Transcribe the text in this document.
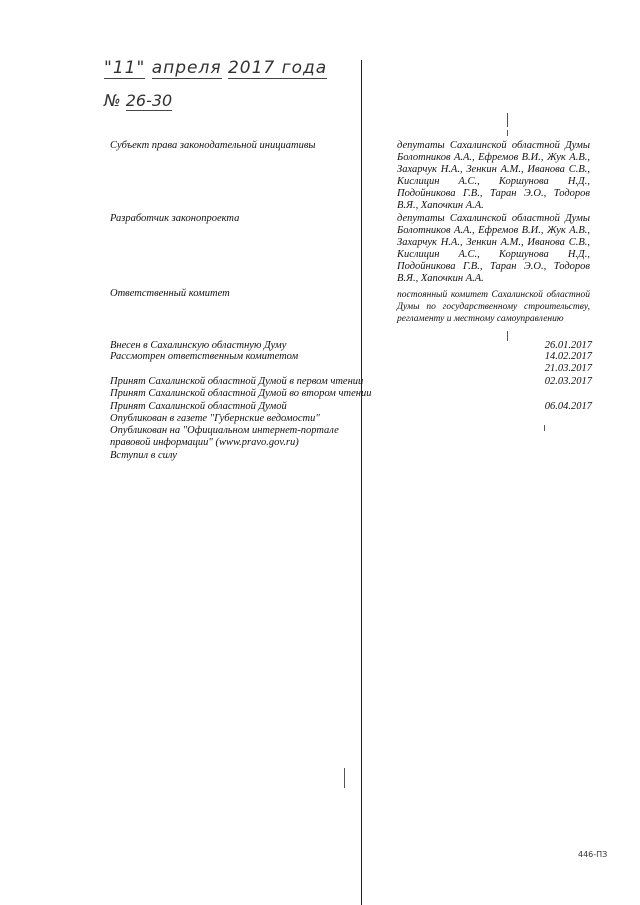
"11" апреля 2017 года
№ 26-30
Субъект права законодательной инициативы	депутаты Сахалинской областной Думы Болотников А.А., Ефремов В.И., Жук А.В., Захарчук Н.А., Зенкин А.М., Иванова С.В., Кислицин А.С., Коршунова Н.Д., Подойникова Г.В., Таран Э.О., Тодоров В.Я., Хапочкин А.А.
Разработчик законопроекта	депутаты Сахалинской областной Думы Болотников А.А., Ефремов В.И., Жук А.В., Захарчук Н.А., Зенкин А.М., Иванова С.В., Кислицин А.С., Коршунова Н.Д., Подойникова Г.В., Таран Э.О., Тодоров В.Я., Хапочкин А.А.
Ответственный комитет	постоянный комитет Сахалинской областной Думы по государственному строительству, регламенту и местному самоуправлению
Внесен в Сахалинскую областную Думу	26.01.2017
Рассмотрен ответственным комитетом	14.02.2017
21.03.2017
Принят Сахалинской областной Думой в первом чтении	02.03.2017
Принят Сахалинской областной Думой во втором чтении
Принят Сахалинской областной Думой	06.04.2017
Опубликован в газете "Губернские ведомости"
Опубликован на "Официальном интернет-портале правовой информации" (www.pravo.gov.ru)
Вступил в силу
446-ПЗ
